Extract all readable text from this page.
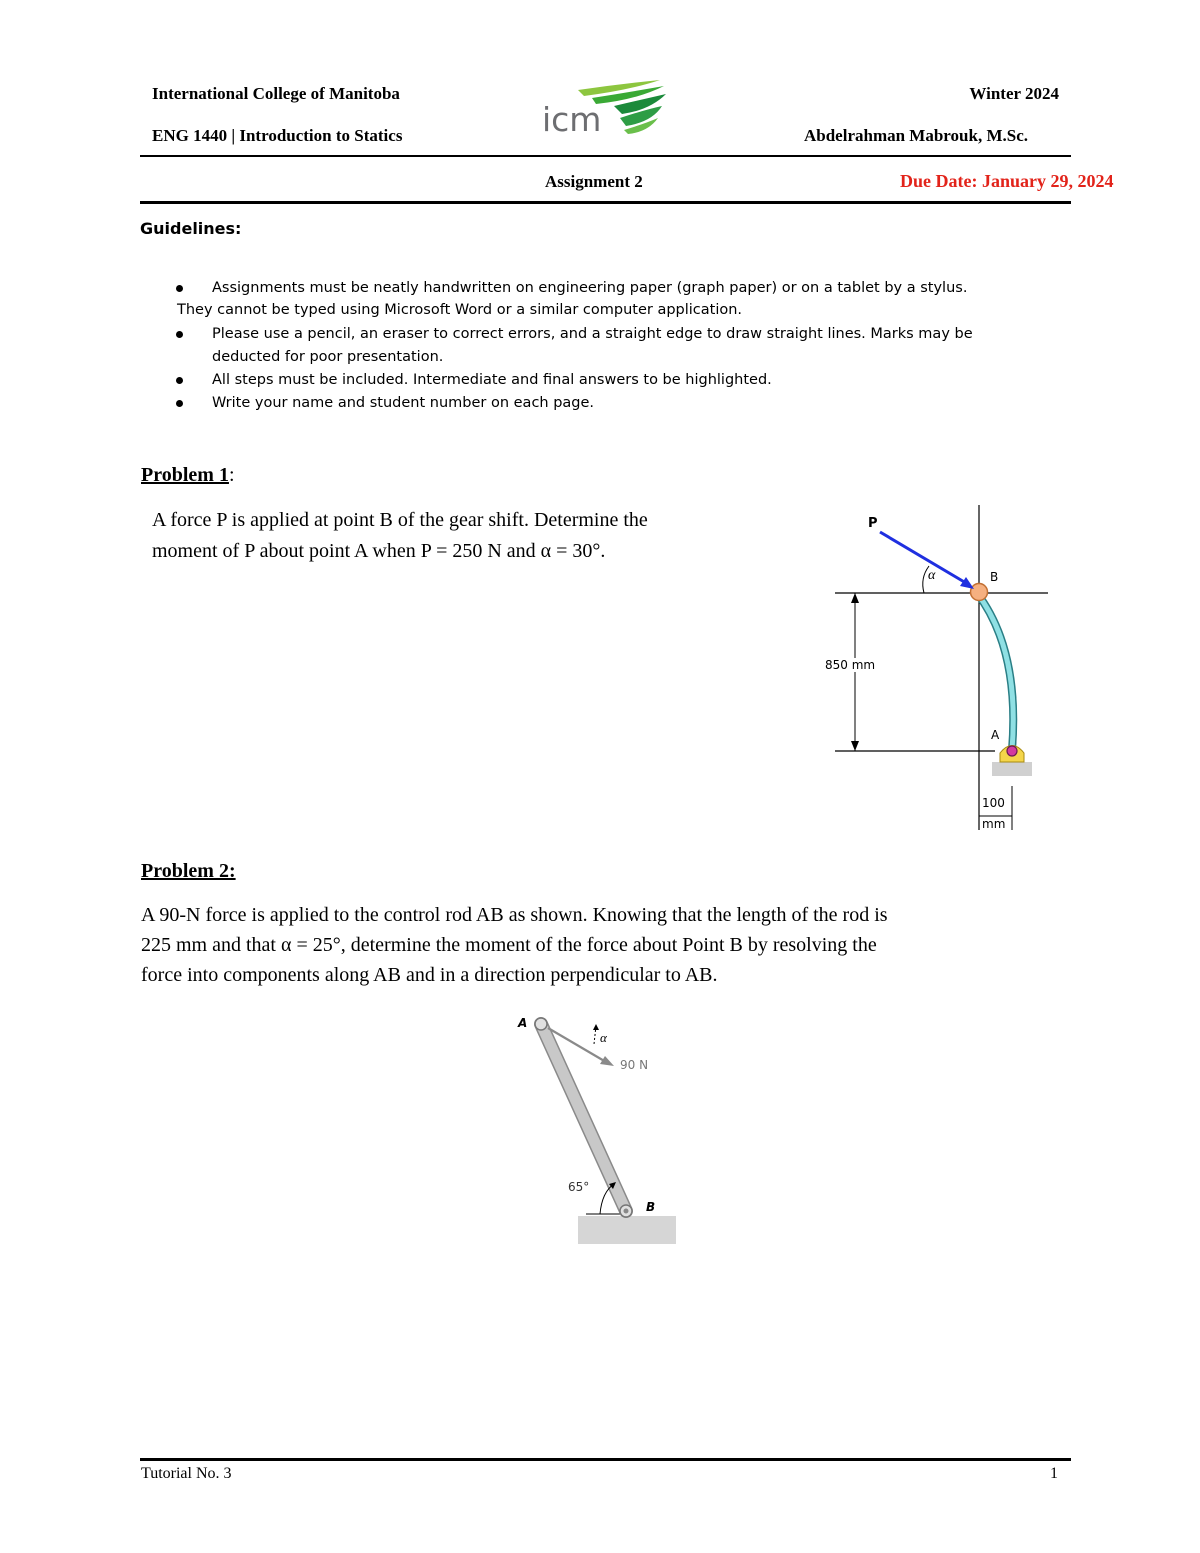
International College of Manitoba	Winter 2024
ENG 1440 | Introduction to Statics	Abdelrahman Mabrouk, M.Sc.
icm
Assignment 2	Due Date: January 29, 2024
Guidelines:
Assignments must be neatly handwritten on engineering paper (graph paper) or on a tablet by a stylus.
They cannot be typed using Microsoft Word or a similar computer application.
Please use a pencil, an eraser to correct errors, and a straight edge to draw straight lines. Marks may be
deducted for poor presentation.
All steps must be included. Intermediate and final answers to be highlighted.
Write your name and student number on each page.
Problem 1:
A force P is applied at point B of the gear shift. Determine the
moment of P about point A when P = 250 N and α = 30°.
P
α	B
A
850 mm
100
mm
Problem 2:
A 90-N force is applied to the control rod AB as shown. Knowing that the length of the rod is
225 mm and that α = 25°, determine the moment of the force about Point B by resolving the
force into components along AB and in a direction perpendicular to AB.
A
α
90 N
65°
B
Tutorial No. 3	1
